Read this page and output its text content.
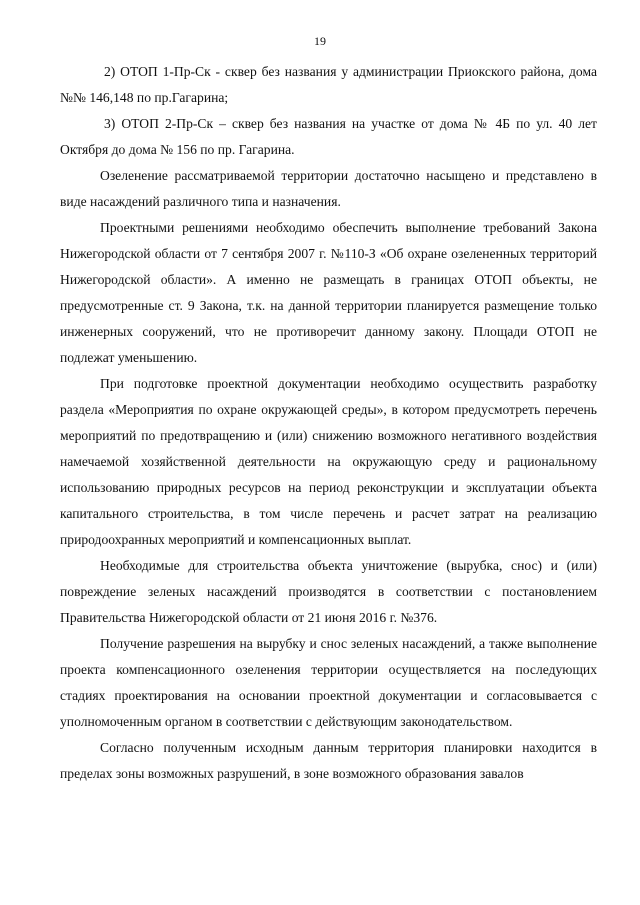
19

2) ОТОП 1-Пр-Ск - сквер без названия у администрации Приокского района, дома №№ 146,148 по пр.Гагарина;

3) ОТОП 2-Пр-Ск – сквер без названия на участке от дома № 4Б по ул. 40 лет Октября до дома № 156 по пр. Гагарина.

Озеленение рассматриваемой территории достаточно насыщено и представлено в виде насаждений различного типа и назначения.

Проектными решениями необходимо обеспечить выполнение требований Закона Нижегородской области от 7 сентября 2007 г. №110-З «Об охране озелененных территорий Нижегородской области». А именно не размещать в границах ОТОП объекты, не предусмотренные ст. 9 Закона, т.к. на данной территории планируется размещение только инженерных сооружений, что не противоречит данному закону. Площади ОТОП не подлежат уменьшению.

При подготовке проектной документации необходимо осуществить разработку раздела «Мероприятия по охране окружающей среды», в котором предусмотреть перечень мероприятий по предотвращению и (или) снижению возможного негативного воздействия намечаемой хозяйственной деятельности на окружающую среду и рациональному использованию природных ресурсов на период реконструкции и эксплуатации объекта капитального строительства, в том числе перечень и расчет затрат на реализацию природоохранных мероприятий и компенсационных выплат.

Необходимые для строительства объекта уничтожение (вырубка, снос) и (или) повреждение зеленых насаждений производятся в соответствии с постановлением Правительства Нижегородской области от 21 июня 2016 г. №376.

Получение разрешения на вырубку и снос зеленых насаждений, а также выполнение проекта компенсационного озеленения территории осуществляется на последующих стадиях проектирования на основании проектной документации и согласовывается с уполномоченным органом в соответствии с действующим законодательством.

Согласно полученным исходным данным территория планировки находится в пределах зоны возможных разрушений, в зоне возможного образования завалов
